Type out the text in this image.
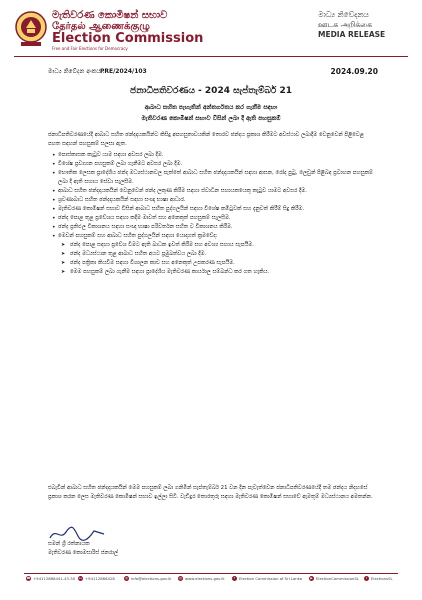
මැතිවරණ කොමිෂන් සභාව
தேர்தல் ஆணைக்குழு
Election Commission
Free and Fair Elections for Democracy
මාධ්‍ය නිවේදනය
ஊடக அறிக்கை
MEDIA RELEASE
මාධ්‍ය නිවේදන අංකය :
PRE/2024/103	2024.09.20
ජනාධිපතිවරණය - 2024 සැප්තැම්බර් 21
ආබාධ සහිත පැහැතින් අන්තර්ගතය කර ගැනීම සඳහා
මැතිවරණ කොමිෂන් සභාව විසින් ලබා දී ඇති පහසුකම්
ජනාධිපතිවරණයේදී ආබාධ සහිත ඡන්දදායකයින්ට කිසිදු අපහසුතාවයකින් තොරව ඡන්දය ප්‍රකාශ කිරීමට අවස්ථාව ලබාදීම වෙනුවෙන් පිළිවෙළ පහත සඳහන් පහසුකම් සලසා ඇත.
• පොස්කාසක කැටුව යාම සඳහා අවසර ලබා දීම.
• විශේෂ ප්‍රවාහන පහසුකම් ලබා ගැනීමට අවසර ලබා දීම.
• භෞතික ලෙසක ප්‍රාදේශීය ඡන්ද මධ්‍යස්ථානවල පැත්තේ ආබාධ සහිත ඡන්දදායකයින් සඳහා ආසන, රෝද පුටු, ලෙඩුන් පිළිබඳ ප්‍රවාහන පහසුකම් ලබා දී ඇති සහාය සේවා සැලසීම.
• ආබාධ සහිත ඡන්දදායකයින් වෙනුවෙන් ඡන්ද ලකුණ කිරීම සඳහා ස්වාධීන සහායකයෙකු කැටුව යාමට අවසර දීම.
• ශ්‍රවණාබාධ සහිත ඡන්දදායකයින් සඳහා සංඥා භාෂා ආධාර.
• මැතිවරණ කොමිෂන් සභාව විසින් ආබාධ සහිත පුද්ගලයින් සඳහා විශේෂ කමිටුවක් සහ දැනුවත් කිරීම් සිදු කිරීම.
• ඡන්ද පොළ තුළ ප්‍රවේශය සඳහා කදිම මාවත් සහ අනෙකුත් පහසුකම් සැලසීම.
• ඡන්ද ප්‍රතිඵල විකාශනය සඳහා සංඥා භාෂා පරිවර්තන සහිත ව විකාශනය කිරීම.
• මෙවන් පහසුකම් සහ ආබාධ සහිත පුද්ගලයින් සඳහා යොදාගත් ක්‍රමවේද:
➤ ඡන්ද පොළ සඳහා ප්‍රවේශ වීමට ඇති බාධක ඉවත් කිරීම සහ අවශ්‍ය සහාය සැපයීම.
➤ ඡන්ද මධ්‍යස්ථාන තුළ ආබාධ සහිත අයට ප්‍රමුඛත්වය ලබා දීම.
➤ ඡන්ද පත්‍රිකා කියවීම සඳහා විශාලන කාච සහ අනෙකුත් උපකරණ සැපයීම.
➤ මෙම පහසුකම් ලබා ගැනීම සඳහා ප්‍රාදේශීය මැතිවරණ කාර්යාල සම්බන්ධ කර ගත හැකිය.
එබැවින් ආබාධ සහිත ඡන්දදායකයින් මෙම පහසුකම් ලබා ගනිමින් සැප්තැම්බර් 21 වන දින පැවැත්වෙන ජනාධිපතිවරණයේදී තම ඡන්දය නිදහසේ ප්‍රකාශ කරන ලෙස මැතිවරණ කොමිෂන් සභාව ඉල්ලා සිටී. වැඩිදුර තොරතුරු සඳහා මැතිවරණ කොමිෂන් සභාවේ ඇමතුම් මධ්‍යස්ථානය අමතන්න.
සමන් ශ්‍රී රත්නායක
මැතිවරණ කොමසාරිස් ජනරාල්
☎ +94112868441-43-50 ℻ +94112868428	@ info@elections.gov.lk	◍ www.elections.gov.lk	f	Election Commission of Sri Lanka	▶ ElectionCommissionSL	t	ElectionsSL
